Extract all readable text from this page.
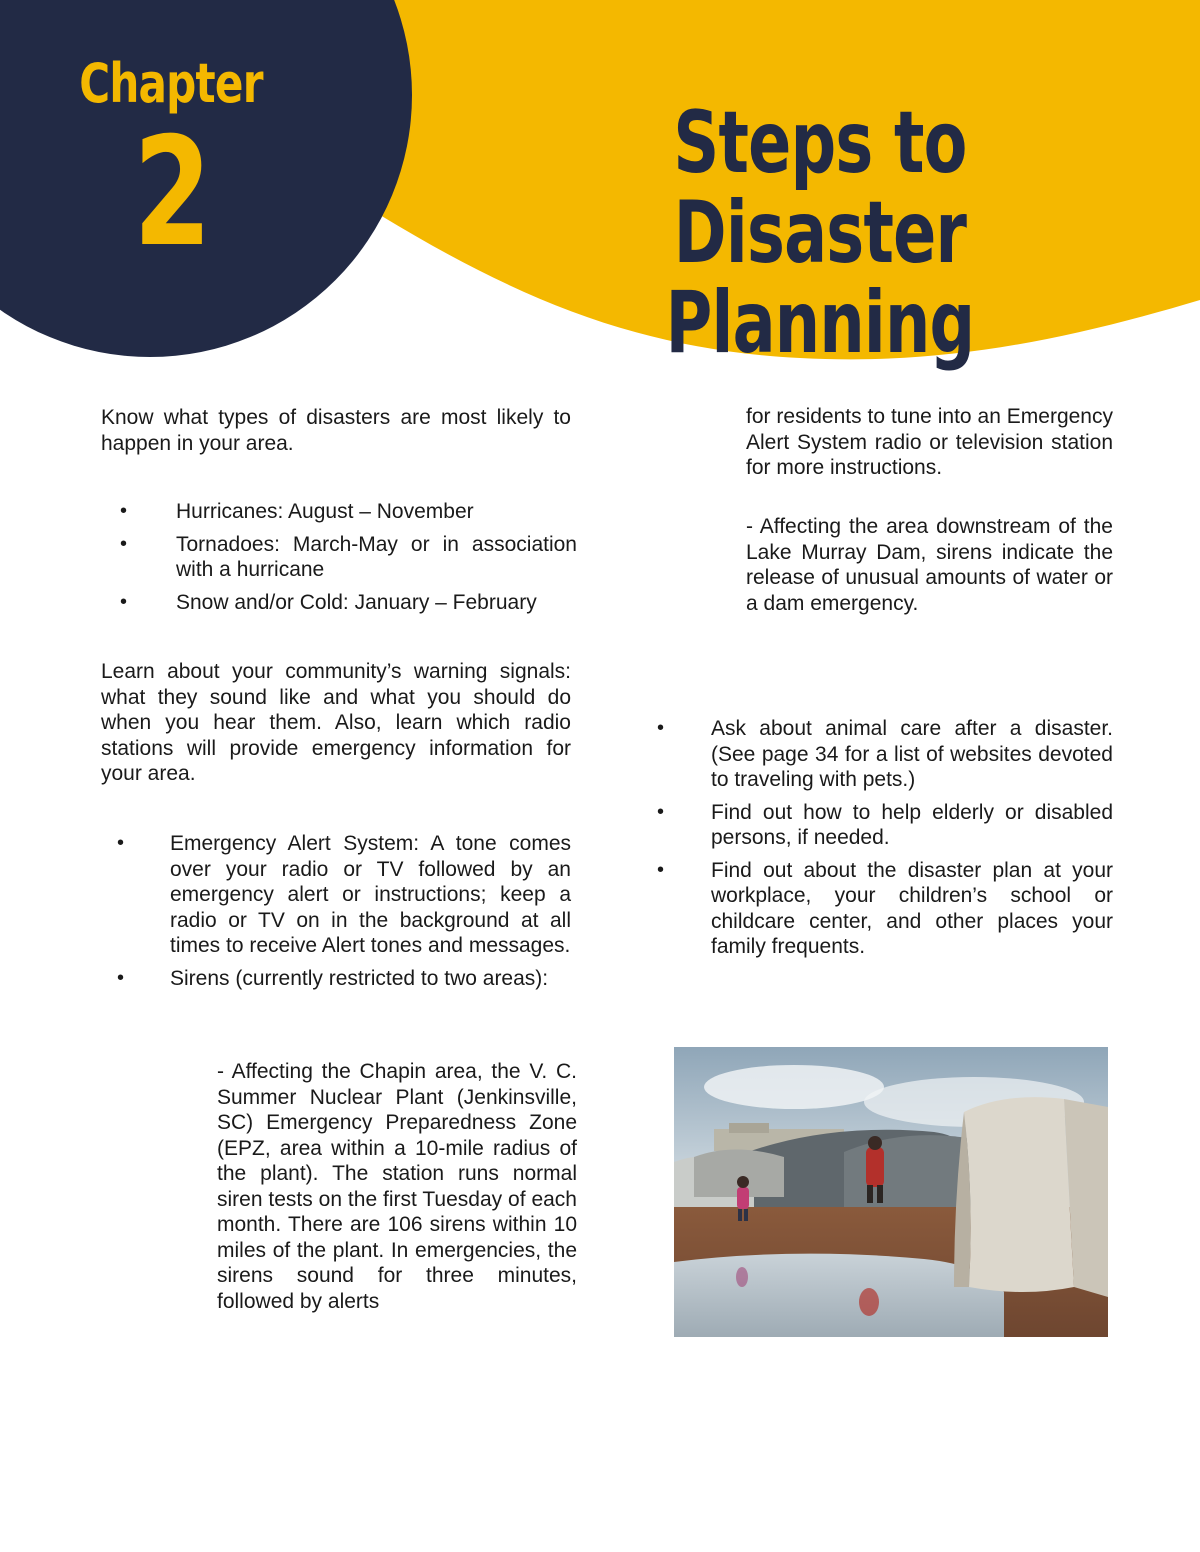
Chapter
2	Steps to Disaster
Planning
Know what types of disasters are most likely to happen in your area.
• Hurricanes: August – November
• Tornadoes: March-May or in association with a hurricane
• Snow and/or Cold: January – February
Learn about your community’s warning signals: what they sound like and what you should do when you hear them. Also, learn which radio stations will provide emergency information for your area.
• Emergency Alert System: A tone comes over your radio or TV followed by an emergency alert or instructions; keep a radio or TV on in the background at all times to receive Alert tones and messages.
• Sirens (currently restricted to two areas):
- Affecting the Chapin area, the V. C. Summer Nuclear Plant (Jenkinsville, SC) Emergency Preparedness Zone (EPZ, area within a 10-mile radius of the plant). The station runs normal siren tests on the first Tuesday of each month. There are 106 sirens within 10 miles of the plant. In emergencies, the sirens sound for three minutes, followed by alerts
for residents to tune into an Emergency Alert System radio or television station for more instructions.
- Affecting the area downstream of the Lake Murray Dam, sirens indicate the release of unusual amounts of water or a dam emergency.
• Ask about animal care after a disaster. (See page 34 for a list of websites devoted to traveling with pets.)
• Find out how to help elderly or disabled persons, if needed.
• Find out about the disaster plan at your workplace, your children’s school or childcare center, and other places your family frequents.
